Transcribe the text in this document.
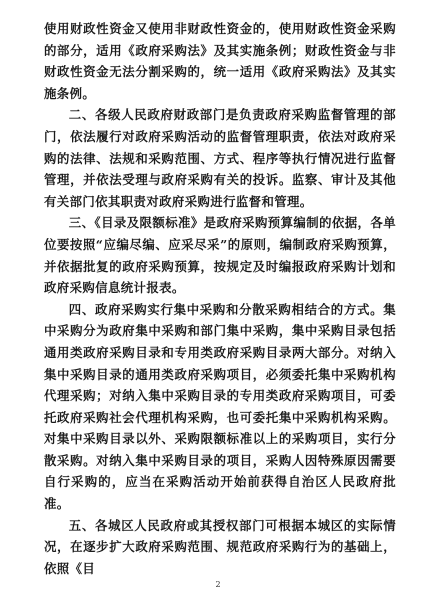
使用财政性资金又使用非财政性资金的，使用财政性资金采购的部分，适用《政府采购法》及其实施条例；财政性资金与非财政性资金无法分割采购的，统一适用《政府采购法》及其实施条例。

二、各级人民政府财政部门是负责政府采购监督管理的部门，依法履行对政府采购活动的监督管理职责，依法对政府采购的法律、法规和采购范围、方式、程序等执行情况进行监督管理，并依法受理与政府采购有关的投诉。监察、审计及其他有关部门依其职责对政府采购进行监督和管理。

三、《目录及限额标准》是政府采购预算编制的依据，各单位要按照“应编尽编、应采尽采”的原则，编制政府采购预算，并依据批复的政府采购预算，按规定及时编报政府采购计划和政府采购信息统计报表。

四、政府采购实行集中采购和分散采购相结合的方式。集中采购分为政府集中采购和部门集中采购，集中采购目录包括通用类政府采购目录和专用类政府采购目录两大部分。对纳入集中采购目录的通用类政府采购项目，必须委托集中采购机构代理采购；对纳入集中采购目录的专用类政府采购项目，可委托政府采购社会代理机构采购，也可委托集中采购机构采购。对集中采购目录以外、采购限额标准以上的采购项目，实行分散采购。对纳入集中采购目录的项目，采购人因特殊原因需要自行采购的，应当在采购活动开始前获得自治区人民政府批准。

五、各城区人民政府或其授权部门可根据本城区的实际情况，在逐步扩大政府采购范围、规范政府采购行为的基础上，依照《目

2
